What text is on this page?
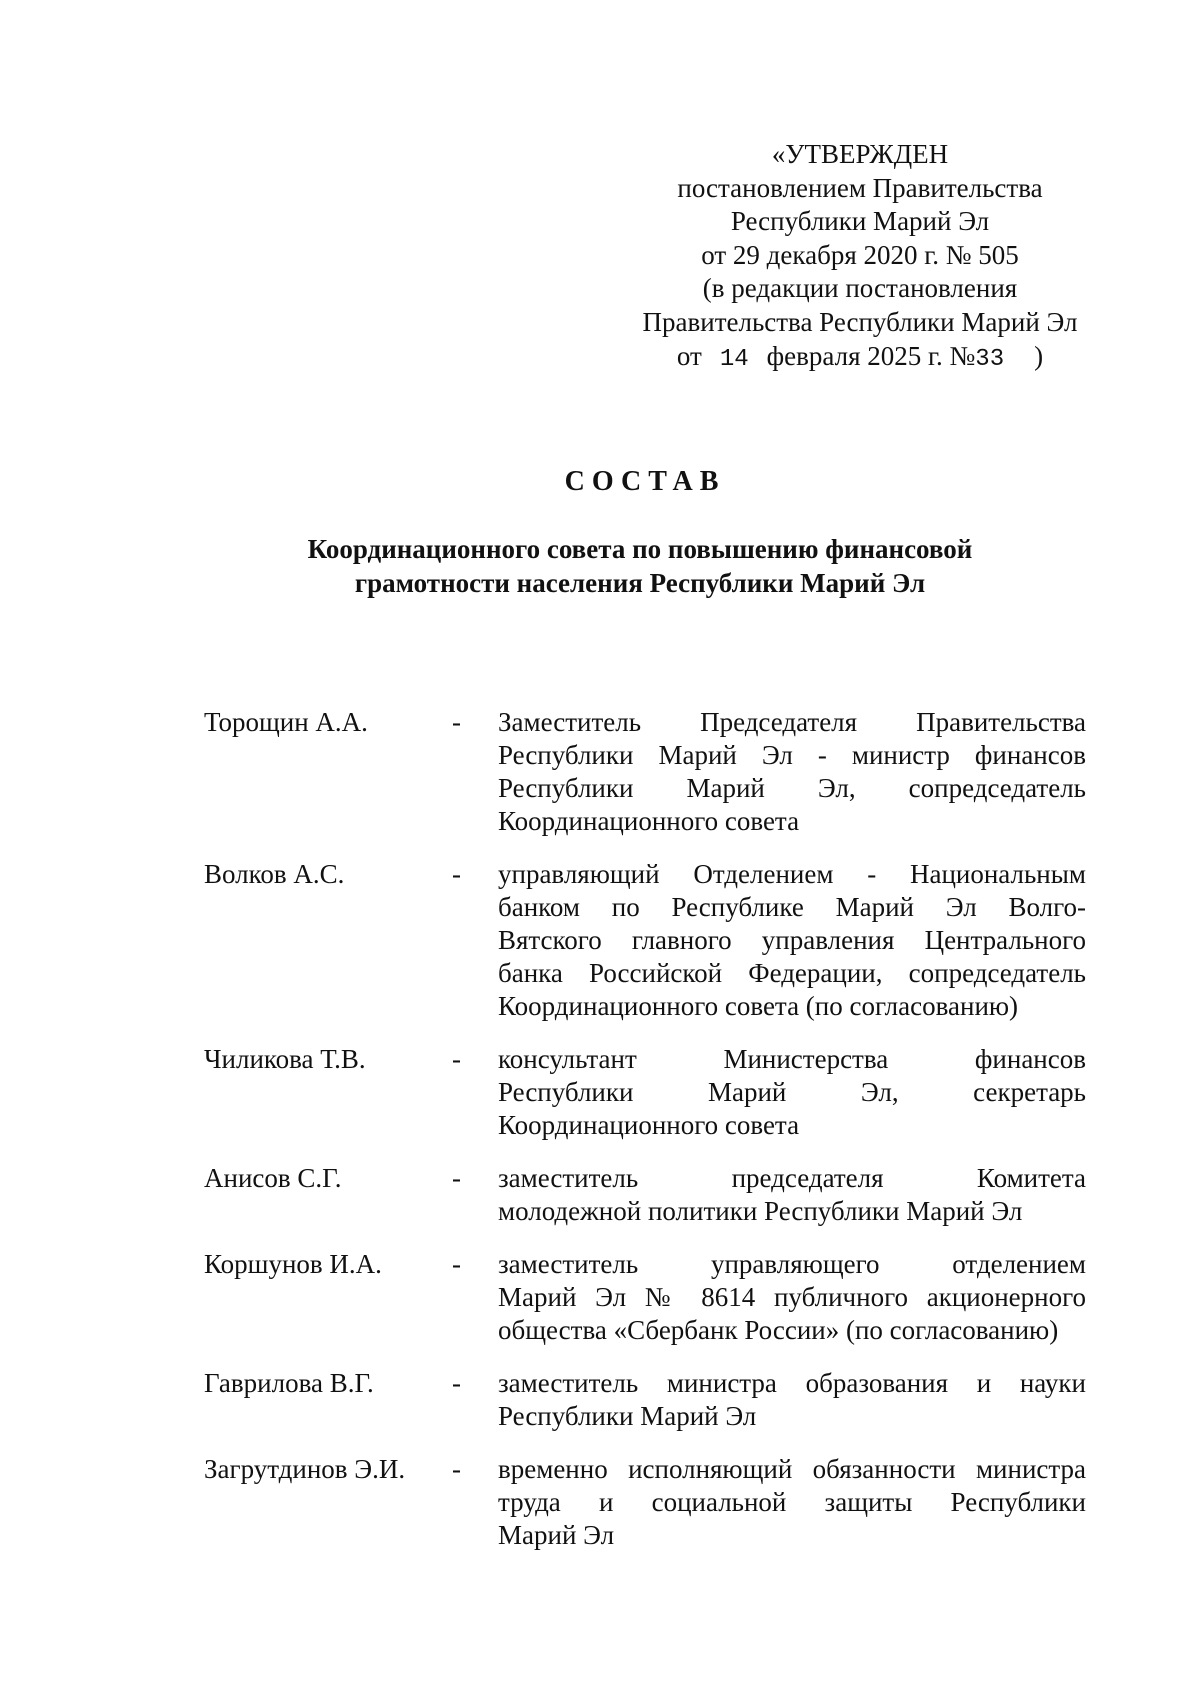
«УТВЕРЖДЕН
постановлением Правительства
Республики Марий Эл
от 29 декабря 2020 г. № 505
(в редакции постановления
Правительства Республики Марий Эл
от 14 февраля 2025 г. №33 )
СОСТАВ
Координационного совета по повышению финансовой
грамотности населения Республики Марий Эл
Торощин А.А.	-	Заместитель Председателя Правительства
Республики Марий Эл - министр финансов
Республики Марий Эл, сопредседатель
Координационного совета
Волков А.С.	-	управляющий Отделением - Национальным
банком по Республике Марий Эл Волго-
Вятского главного управления Центрального
банка Российской Федерации, сопредседатель
Координационного совета (по согласованию)
Чиликова Т.В.	-	консультант Министерства финансов
Республики Марий Эл, секретарь
Координационного совета
Анисов С.Г.	-	заместитель председателя Комитета
молодежной политики Республики Марий Эл
Коршунов И.А.	-	заместитель управляющего отделением
Марий Эл № 8614 публичного акционерного
общества «Сбербанк России» (по согласованию)
Гаврилова В.Г.	-	заместитель министра образования и науки
Республики Марий Эл
Загрутдинов Э.И.	-	временно исполняющий обязанности министра
труда и социальной защиты Республики
Марий Эл
